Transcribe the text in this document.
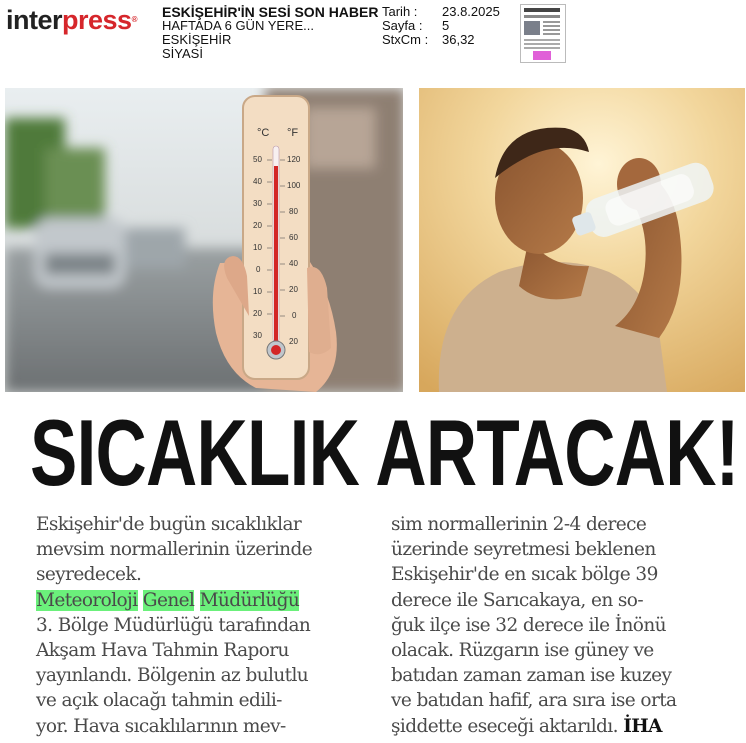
interpress® ESKİŞEHİR'İN SESİ SON HABER
HAFTADA 6 GÜN YERE...
ESKİŞEHİR
SİYASİ
Tarih :
Sayfa :
StxCm :
23.8.2025
5
36,32
°C °F
50
40
30
20
10
0
10
20
30
120
100
80
60
40
20
0
20
SICAKLIK ARTACAK!
Eskişehir'de bugün sıcaklıklar
mevsim normallerinin üzerinde
seyredecek.
Meteoroloji Genel Müdürlüğü
3. Bölge Müdürlüğü tarafından
Akşam Hava Tahmin Raporu
yayınlandı. Bölgenin az bulutlu
ve açık olacağı tahmin edili-
yor. Hava sıcaklılarının mev-
sim normallerinin 2-4 derece
üzerinde seyretmesi beklenen
Eskişehir'de en sıcak bölge 39
derece ile Sarıcakaya, en so-
ğuk ilçe ise 32 derece ile İnönü
olacak. Rüzgarın ise güney ve
batıdan zaman zaman ise kuzey
ve batıdan hafif, ara sıra ise orta
şiddette eseceği aktarıldı. İHA
